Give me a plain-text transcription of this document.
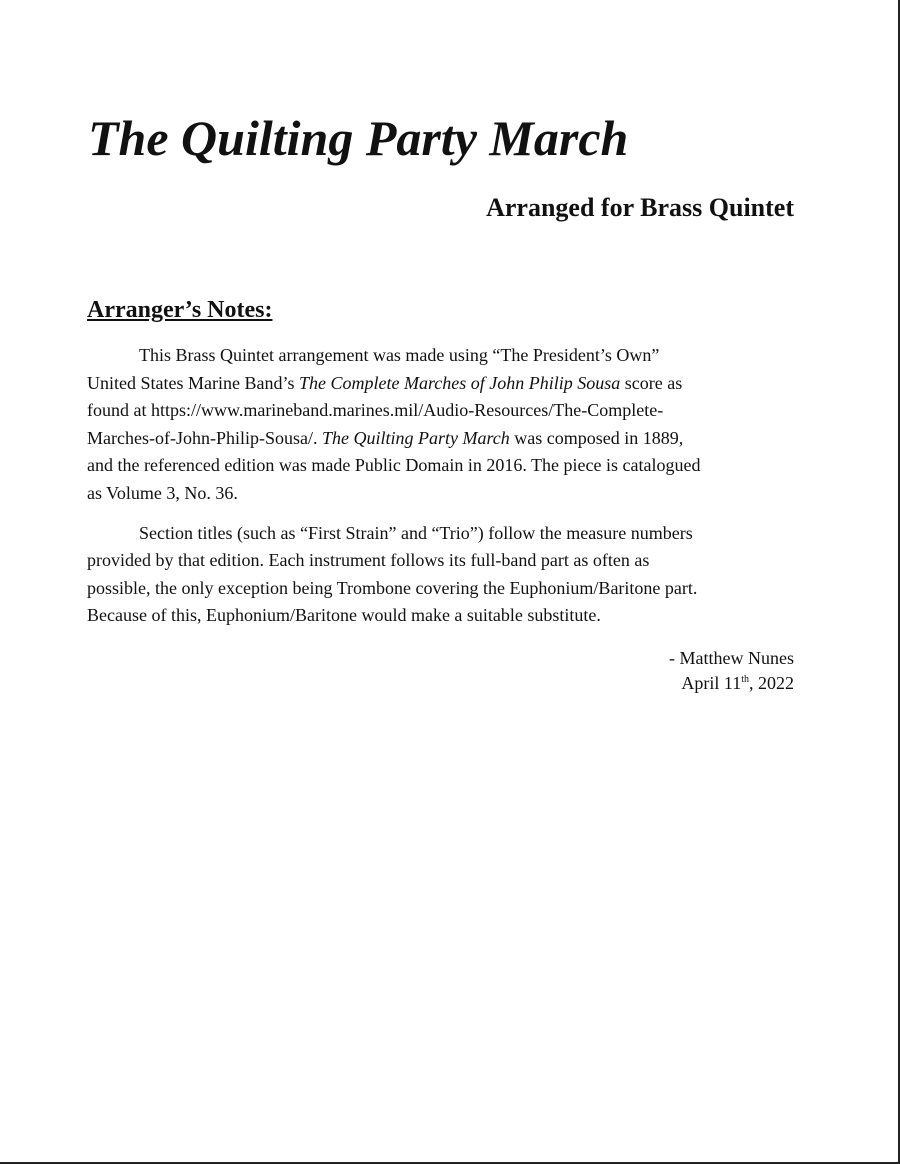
The Quilting Party March
Arranged for Brass Quintet
Arranger’s Notes:
This Brass Quintet arrangement was made using “The President’s Own”
United States Marine Band’s The Complete Marches of John Philip Sousa score as
found at https://www.marineband.marines.mil/Audio-Resources/The-Complete-
Marches-of-John-Philip-Sousa/. The Quilting Party March was composed in 1889,
and the referenced edition was made Public Domain in 2016. The piece is catalogued
as Volume 3, No. 36.
Section titles (such as “First Strain” and “Trio”) follow the measure numbers
provided by that edition. Each instrument follows its full-band part as often as
possible, the only exception being Trombone covering the Euphonium/Baritone part.
Because of this, Euphonium/Baritone would make a suitable substitute.
- Matthew Nunes
April 11th, 2022
